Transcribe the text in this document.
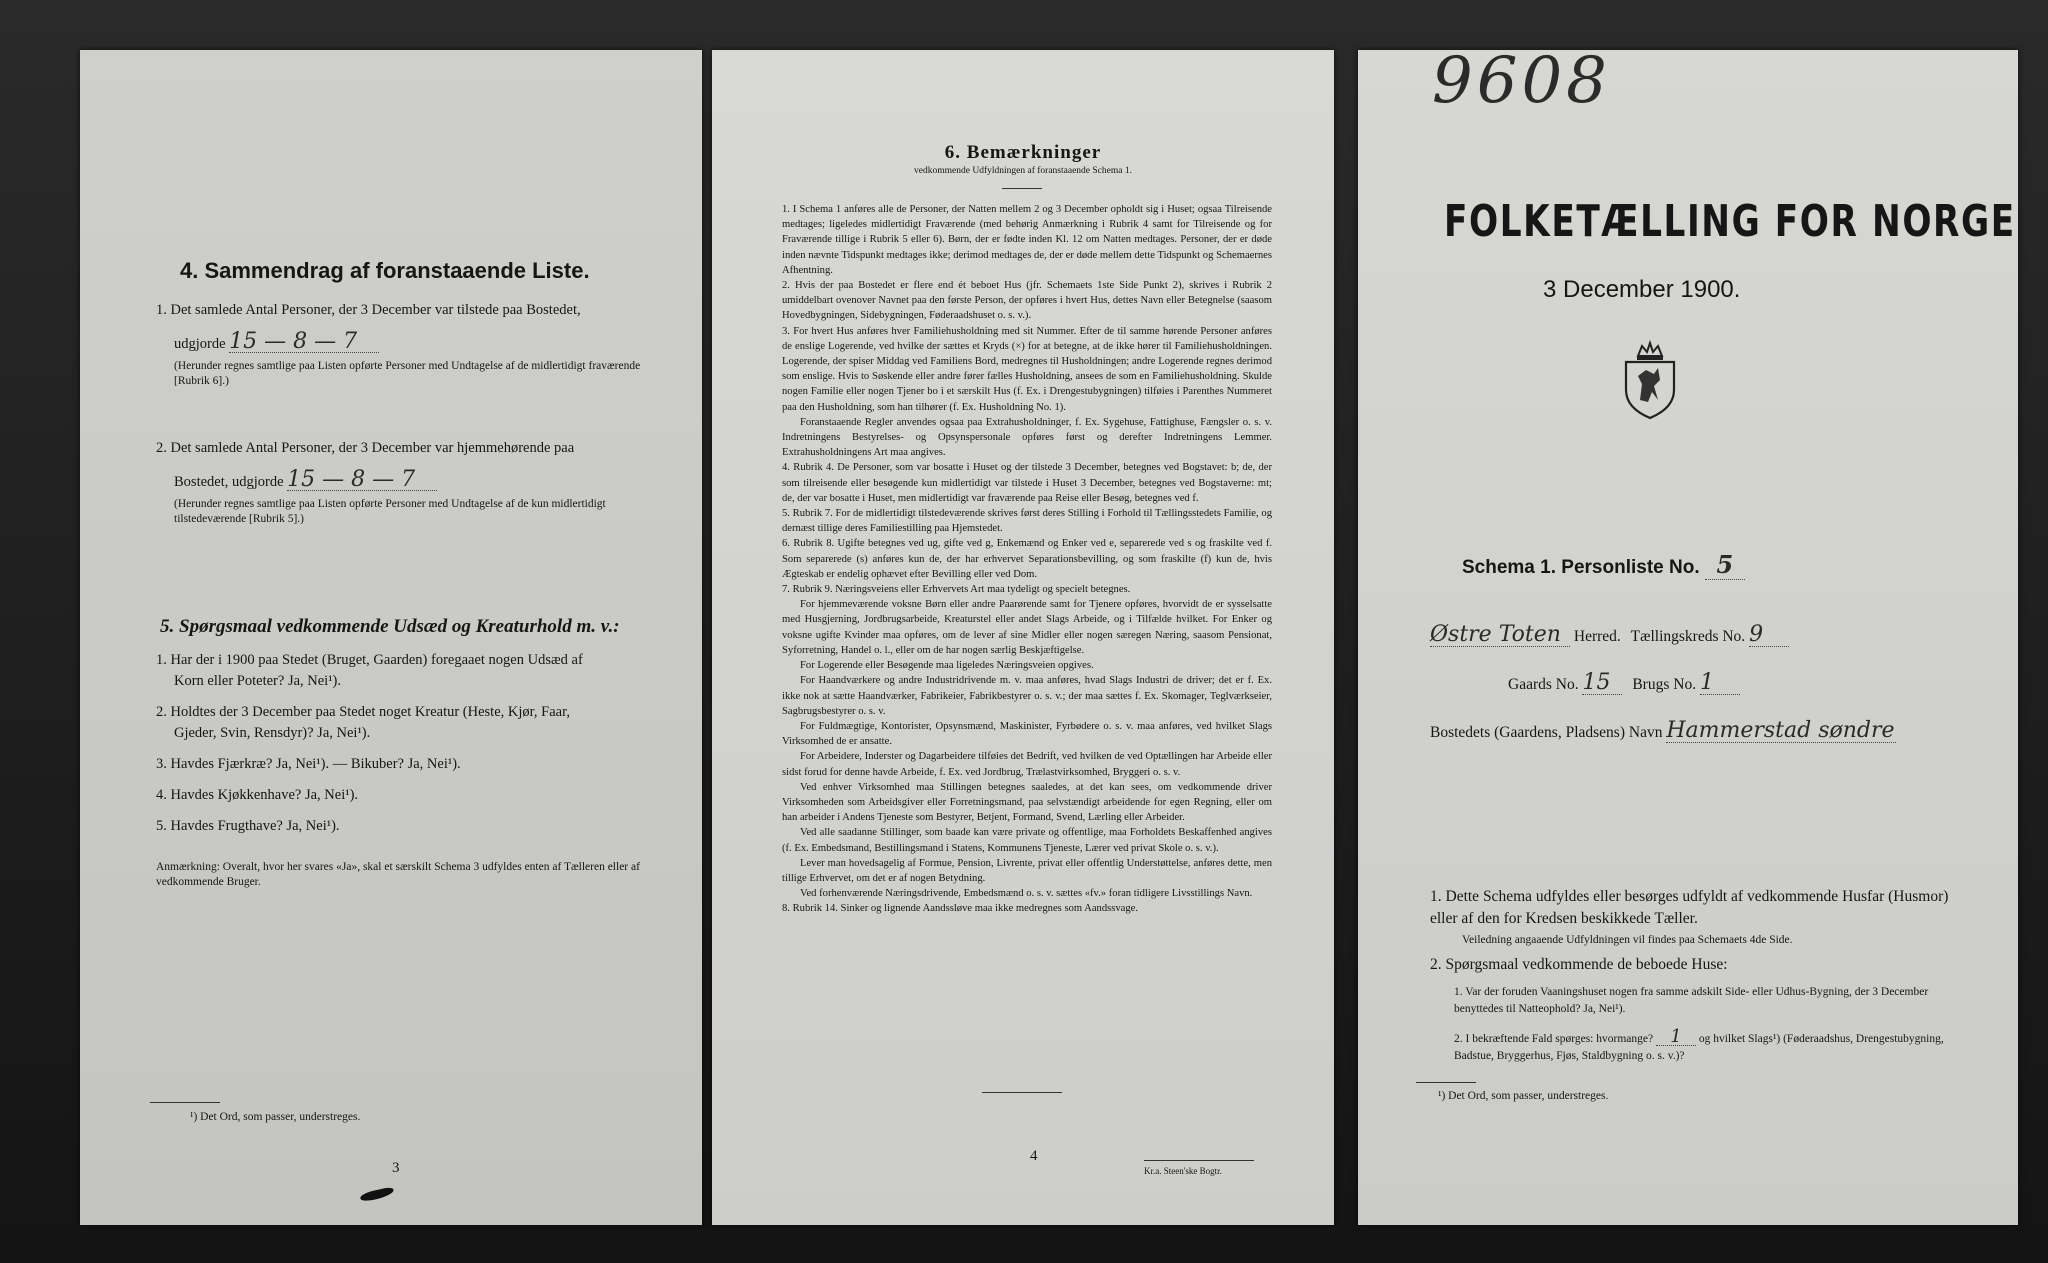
4. Sammendrag af foranstaaende Liste.
1. Det samlede Antal Personer, der 3 December var tilstede paa Bostedet,
udgjorde 15 — 8 — 7
(Herunder regnes samtlige paa Listen opførte Personer med Undtagelse af de midlertidigt fraværende [Rubrik 6].)
2. Det samlede Antal Personer, der 3 December var hjemmehørende paa
Bostedet, udgjorde 15 — 8 — 7
(Herunder regnes samtlige paa Listen opførte Personer med Undtagelse af de kun midlertidigt tilstedeværende [Rubrik 5].)
5. Spørgsmaal vedkommende Udsæd og Kreaturhold m. v.:
1. Har der i 1900 paa Stedet (Bruget, Gaarden) foregaaet nogen Udsæd af
Korn eller Poteter? Ja, Nei¹).
2. Holdtes der 3 December paa Stedet noget Kreatur (Heste, Kjør, Faar,
Gjeder, Svin, Rensdyr)? Ja, Nei¹).
3. Havdes Fjærkræ? Ja, Nei¹). — Bikuber? Ja, Nei¹).
4. Havdes Kjøkkenhave? Ja, Nei¹).
5. Havdes Frugthave? Ja, Nei¹).
Anmærkning: Overalt, hvor her svares «Ja», skal et særskilt Schema 3 udfyldes enten af Tælleren eller af vedkommende Bruger.
¹) Det Ord, som passer, understreges.
3
6. Bemærkninger
vedkommende Udfyldningen af foranstaaende Schema 1.

1. I Schema 1 anføres alle de Personer, der Natten mellem 2 og 3 December opholdt sig i Huset; ogsaa Tilreisende medtages; ligeledes midlertidigt Fraværende (med behørig Anmærkning i Rubrik 4 samt for Tilreisende og for Fraværende tillige i Rubrik 5 eller 6). Børn, der er fødte inden Kl. 12 om Natten medtages. Personer, der er døde inden nævnte Tidspunkt medtages ikke; derimod medtages de, der er døde mellem dette Tidspunkt og Schemaernes Afhentning.

2. Hvis der paa Bostedet er flere end ét beboet Hus (jfr. Schemaets 1ste Side Punkt 2), skrives i Rubrik 2 umiddelbart ovenover Navnet paa den første Person, der opføres i hvert Hus, dettes Navn eller Betegnelse (saasom Hovedbygningen, Sidebygningen, Føderaadshuset o. s. v.).

3. For hvert Hus anføres hver Familiehusholdning med sit Nummer. Efter de til samme hørende Personer anføres de enslige Logerende, ved hvilke der sættes et Kryds (×) for at betegne, at de ikke hører til Familiehusholdningen. Logerende, der spiser Middag ved Familiens Bord, medregnes til Husholdningen; andre Logerende regnes derimod som enslige. Hvis to Søskende eller andre fører fælles Husholdning, ansees de som en Familiehusholdning. Skulde nogen Familie eller nogen Tjener bo i et særskilt Hus (f. Ex. i Drengestubygningen) tilføies i Parenthes Nummeret paa den Husholdning, som han tilhører (f. Ex. Husholdning No. 1).

Foranstaaende Regler anvendes ogsaa paa Extrahusholdninger, f. Ex. Sygehuse, Fattighuse, Fængsler o. s. v. Indretningens Bestyrelses- og Opsynspersonale opføres først og derefter Indretningens Lemmer. Extrahusholdningens Art maa angives.

4. Rubrik 4. De Personer, som var bosatte i Huset og der tilstede 3 December, betegnes ved Bogstavet: b; de, der som tilreisende eller besøgende kun midlertidigt var tilstede i Huset 3 December, betegnes ved Bogstaverne: mt; de, der var bosatte i Huset, men midlertidigt var fraværende paa Reise eller Besøg, betegnes ved f.

5. Rubrik 7. For de midlertidigt tilstedeværende skrives først deres Stilling i Forhold til Tællingsstedets Familie, og dernæst tillige deres Familiestilling paa Hjemstedet.

6. Rubrik 8. Ugifte betegnes ved ug, gifte ved g, Enkemænd og Enker ved e, separerede ved s og fraskilte ved f. Som separerede (s) anføres kun de, der har erhvervet Separationsbevilling, og som fraskilte (f) kun de, hvis Ægteskab er endelig ophævet efter Bevilling eller ved Dom.

7. Rubrik 9. Næringsveiens eller Erhvervets Art maa tydeligt og specielt betegnes.

For hjemmeværende voksne Børn eller andre Paarørende samt for Tjenere opføres, hvorvidt de er sysselsatte med Husgjerning, Jordbrugsarbeide, Kreaturstel eller andet Slags Arbeide, og i Tilfælde hvilket. For Enker og voksne ugifte Kvinder maa opføres, om de lever af sine Midler eller nogen særegen Næring, saasom Pensionat, Syforretning, Handel o. l., eller om de har nogen særlig Beskjæftigelse.

For Logerende eller Besøgende maa ligeledes Næringsveien opgives.

For Haandværkere og andre Industridrivende m. v. maa anføres, hvad Slags Industri de driver; det er f. Ex. ikke nok at sætte Haandværker, Fabrikeier, Fabrikbestyrer o. s. v.; der maa sættes f. Ex. Skomager, Teglværkseier, Sagbrugsbestyrer o. s. v.

For Fuldmægtige, Kontorister, Opsynsmænd, Maskinister, Fyrbødere o. s. v. maa anføres, ved hvilket Slags Virksomhed de er ansatte.

For Arbeidere, Inderster og Dagarbeidere tilføies det Bedrift, ved hvilken de ved Optællingen har Arbeide eller sidst forud for denne havde Arbeide, f. Ex. ved Jordbrug, Trælastvirksomhed, Bryggeri o. s. v.

Ved enhver Virksomhed maa Stillingen betegnes saaledes, at det kan sees, om vedkommende driver Virksomheden som Arbeidsgiver eller Forretningsmand, paa selvstændigt arbeidende for egen Regning, eller om han arbeider i Andens Tjeneste som Bestyrer, Betjent, Formand, Svend, Lærling eller Arbeider.

Ved alle saadanne Stillinger, som baade kan være private og offentlige, maa Forholdets Beskaffenhed angives (f. Ex. Embedsmand, Bestillingsmand i Statens, Kommunens Tjeneste, Lærer ved privat Skole o. s. v.).

Lever man hovedsagelig af Formue, Pension, Livrente, privat eller offentlig Understøttelse, anføres dette, men tillige Erhvervet, om det er af nogen Betydning.

Ved forhenværende Næringsdrivende, Embedsmænd o. s. v. sættes «fv.» foran tidligere Livsstillings Navn.

8. Rubrik 14. Sinker og lignende Aandssløve maa ikke medregnes som Aandssvage.

4
Kr.a. Steen'ske Bogtr.
9608
FOLKETÆLLING FOR NORGE
3 December 1900.
Schema 1. Personliste No. 5
Østre Toten Herred. Tællingskreds No. 9
Gaards No. 15 Brugs No. 1
Bostedets (Gaardens, Pladsens) Navn Hammerstad søndre
1. Dette Schema udfyldes eller besørges udfyldt af vedkommende Husfar (Husmor) eller af den for Kredsen beskikkede Tæller.
Veiledning angaaende Udfyldningen vil findes paa Schemaets 4de Side.
2. Spørgsmaal vedkommende de beboede Huse:
1. Var der foruden Vaaningshuset nogen fra samme adskilt Side- eller Udhus-Bygning, der 3 December benyttedes til Natteophold? Ja, Nei¹).
2. I bekræftende Fald spørges: hvormange? 1 og hvilket Slags¹) (Føderaadshus, Drengestubygning, Badstue, Bryggerhus, Fjøs, Staldbygning o. s. v.)?
¹) Det Ord, som passer, understreges.
